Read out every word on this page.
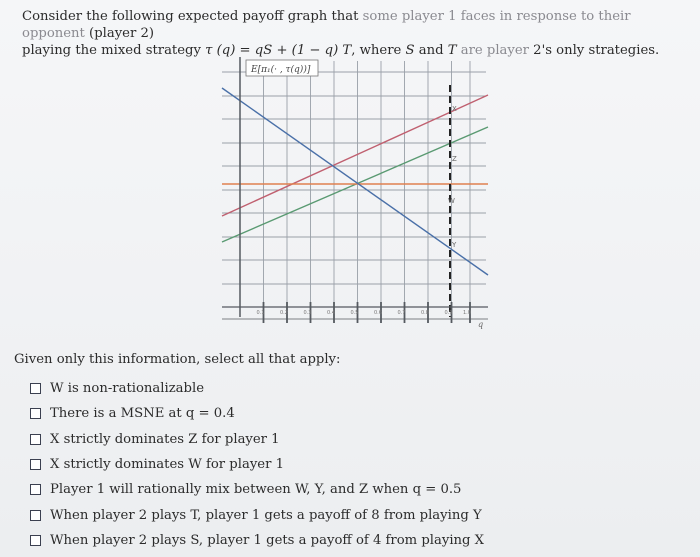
Consider the following expected payoff graph that some player 1 faces in response to their opponent (player 2)
playing the mixed strategy τ (q) = qS + (1 − q) T, where S and T are player 2's only strategies.
E[π₁(· , τ(q))]
q
0.1	0.2	0.3	0.4	0.5	0.6	0.7	0.8	0.9 1.0
X
Z
W
Y
Given only this information, select all that apply:
W is non-rationalizable
There is a MSNE at q = 0.4
X strictly dominates Z for player 1
X strictly dominates W for player 1
Player 1 will rationally mix between W, Y, and Z when q = 0.5
When player 2 plays T, player 1 gets a payoff of 8 from playing Y
When player 2 plays S, player 1 gets a payoff of 4 from playing X
